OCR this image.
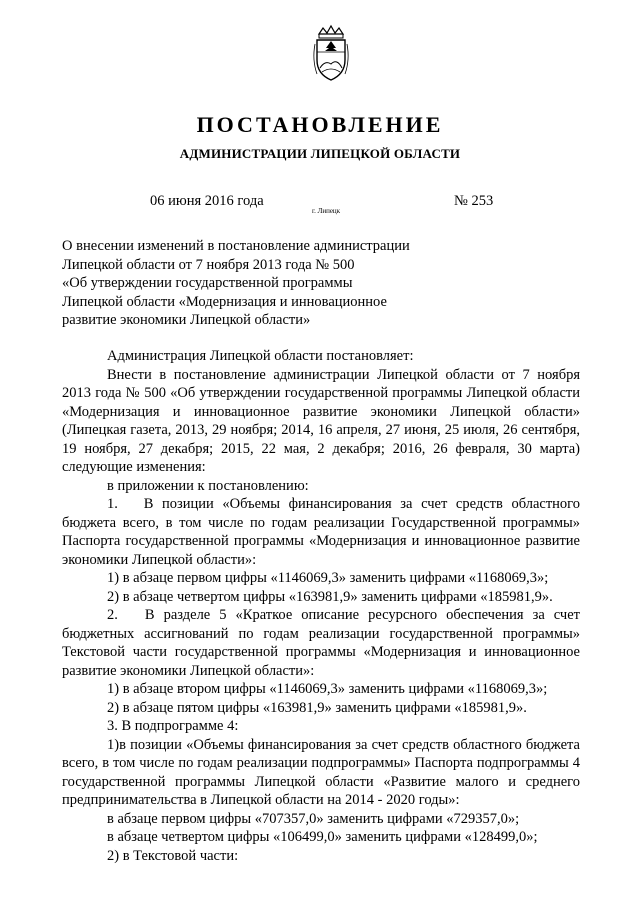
ПОСТАНОВЛЕНИЕ
АДМИНИСТРАЦИИ ЛИПЕЦКОЙ ОБЛАСТИ
06 июня 2016 года
г. Липецк
№ 253
О внесении изменений в постановление администрации
Липецкой области от 7 ноября 2013 года № 500
«Об утверждении государственной программы
Липецкой области «Модернизация и инновационное
развитие экономики Липецкой области»

Администрация Липецкой области постановляет:

Внести в постановление администрации Липецкой области от 7 ноября 2013 года № 500 «Об утверждении государственной программы Липецкой области «Модернизация и инновационное развитие экономики Липецкой области» (Липецкая газета, 2013, 29 ноября; 2014, 16 апреля, 27 июня, 25 июля, 26 сентября, 19 ноября, 27 декабря; 2015, 22 мая, 2 декабря; 2016, 26 февраля, 30 марта) следующие изменения:

в приложении к постановлению:

1.   В позиции «Объемы финансирования за счет средств областного бюджета всего, в том числе по годам реализации Государственной программы» Паспорта государственной программы «Модернизация и инновационное развитие экономики Липецкой области»:

1) в абзаце первом цифры «1146069,3» заменить цифрами «1168069,3»;

2) в абзаце четвертом цифры «163981,9» заменить цифрами «185981,9».

2.   В разделе 5 «Краткое описание ресурсного обеспечения за счет бюджетных ассигнований по годам реализации государственной программы» Текстовой части государственной программы «Модернизация и инновационное развитие экономики Липецкой области»:

1) в абзаце втором цифры «1146069,3» заменить цифрами «1168069,3»;

2) в абзаце пятом цифры «163981,9» заменить цифрами «185981,9».

3. В подпрограмме 4:

1)в позиции «Объемы финансирования за счет средств областного бюджета всего, в том числе по годам реализации подпрограммы» Паспорта подпрограммы 4 государственной программы Липецкой области «Развитие малого и среднего предпринимательства в Липецкой области на 2014 - 2020 годы»:

в абзаце первом цифры «707357,0» заменить цифрами «729357,0»;

в абзаце четвертом цифры «106499,0» заменить цифрами «128499,0»;

2) в Текстовой части:
